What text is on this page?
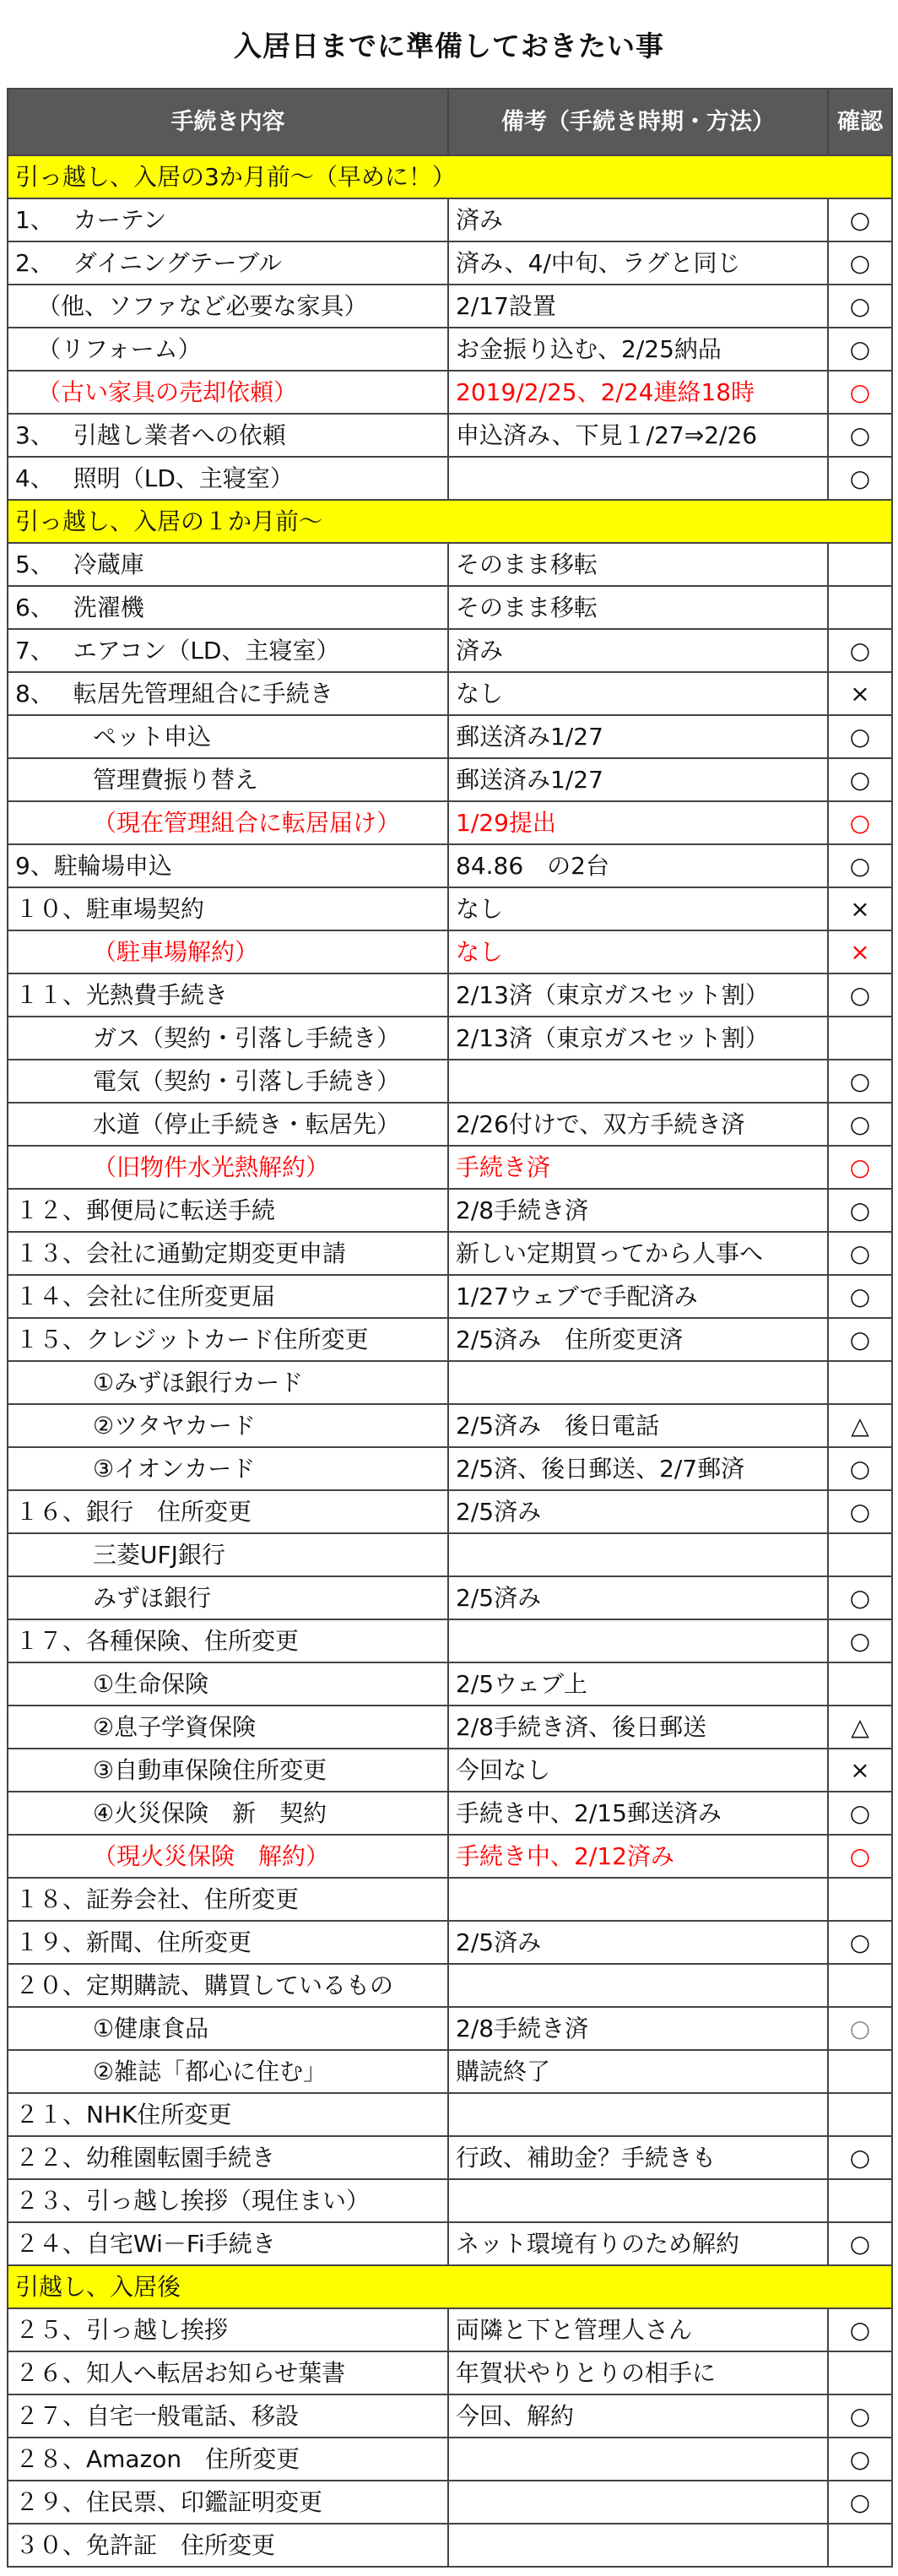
入居日までに準備しておきたい事
手続き内容	備考（手続き時期・方法）	確認
引っ越し、入居の3か月前～（早めに！）		
1、　 カーテン	済み	○
2、　 ダイニングテーブル	済み、4/中旬、ラグと同じ	○
（他、ソファなど必要な家具）	2/17設置	○
（リフォーム）	お金振り込む、2/25納品	○
（古い家具の売却依頼）	2019/2/25、2/24連絡18時	○
3、　 引越し業者への依頼	申込済み、下見１/27⇒2/26	○
4、　 照明（LD、主寝室）		○
引っ越し、入居の１か月前～		
5、　 冷蔵庫	そのまま移転	
6、　 洗濯機	そのまま移転	
7、　 エアコン（LD、主寝室）	済み	○
8、　 転居先管理組合に手続き	なし	×
ペット申込	郵送済み1/27	○
管理費振り替え	郵送済み1/27	○
（現在管理組合に転居届け）	1/29提出	○
9、駐輪場申込	84.86　の2台	○
１０、駐車場契約	なし	×
（駐車場解約）	なし	×
１１、光熱費手続き	2/13済（東京ガスセット割）	○
ガス（契約・引落し手続き）	2/13済（東京ガスセット割）	
電気（契約・引落し手続き）		○
水道（停止手続き・転居先）	2/26付けで、双方手続き済	○
（旧物件水光熱解約）	手続き済	○
１２、郵便局に転送手続	2/8手続き済	○
１３、会社に通勤定期変更申請	新しい定期買ってから人事へ	○
１４、会社に住所変更届	1/27ウェブで手配済み	○
１５、クレジットカード住所変更	2/5済み　住所変更済	○
①みずほ銀行カード		
②ツタヤカード	2/5済み　後日電話	△
③イオンカード	2/5済、後日郵送、2/7郵済	○
１６、銀行　住所変更	2/5済み	○
三菱UFJ銀行		
みずほ銀行	2/5済み	○
１７、各種保険、住所変更		○
①生命保険	2/5ウェブ上	
②息子学資保険	2/8手続き済、後日郵送	△
③自動車保険住所変更	今回なし	×
④火災保険　新　契約	手続き中、2/15郵送済み	○
（現火災保険　解約）	手続き中、2/12済み	○
１８、証券会社、住所変更		
１９、新聞、住所変更	2/5済み	○
２０、定期購読、購買しているもの		
①健康食品	2/8手続き済	○
②雑誌「都心に住む」	購読終了	
２１、NHK住所変更		
２２、幼稚園転園手続き	行政、補助金？手続きも	○
２３、引っ越し挨拶（現住まい）		
２４、自宅Wi－Fi手続き	ネット環境有りのため解約	○
引越し、入居後		
２５、引っ越し挨拶	両隣と下と管理人さん	○
２６、知人へ転居お知らせ葉書	年賀状やりとりの相手に	
２７、自宅一般電話、移設	今回、解約	○
２８、Amazon　住所変更		○
２９、住民票、印鑑証明変更		○
３０、免許証　住所変更		
